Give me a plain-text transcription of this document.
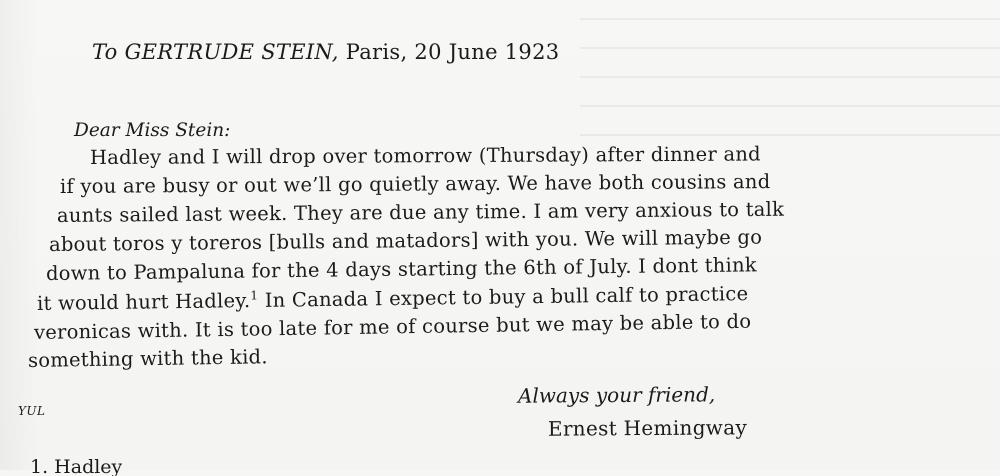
To GERTRUDE STEIN, Paris, 20 June 1923
Dear Miss Stein:
Hadley and I will drop over tomorrow (Thursday) after dinner and
if you are busy or out we’ll go quietly away. We have both cousins and
aunts sailed last week. They are due any time. I am very anxious to talk
about toros y toreros [bulls and matadors] with you. We will maybe go
down to Pampaluna for the 4 days starting the 6th of July. I dont think
it would hurt Hadley.$^1$ In Canada I expect to buy a bull calf to practice
veronicas with. It is too late for me of course but we may be able to do
something with the kid.
Always your friend,
Ernest Hemingway
YUL
1. Hadley
